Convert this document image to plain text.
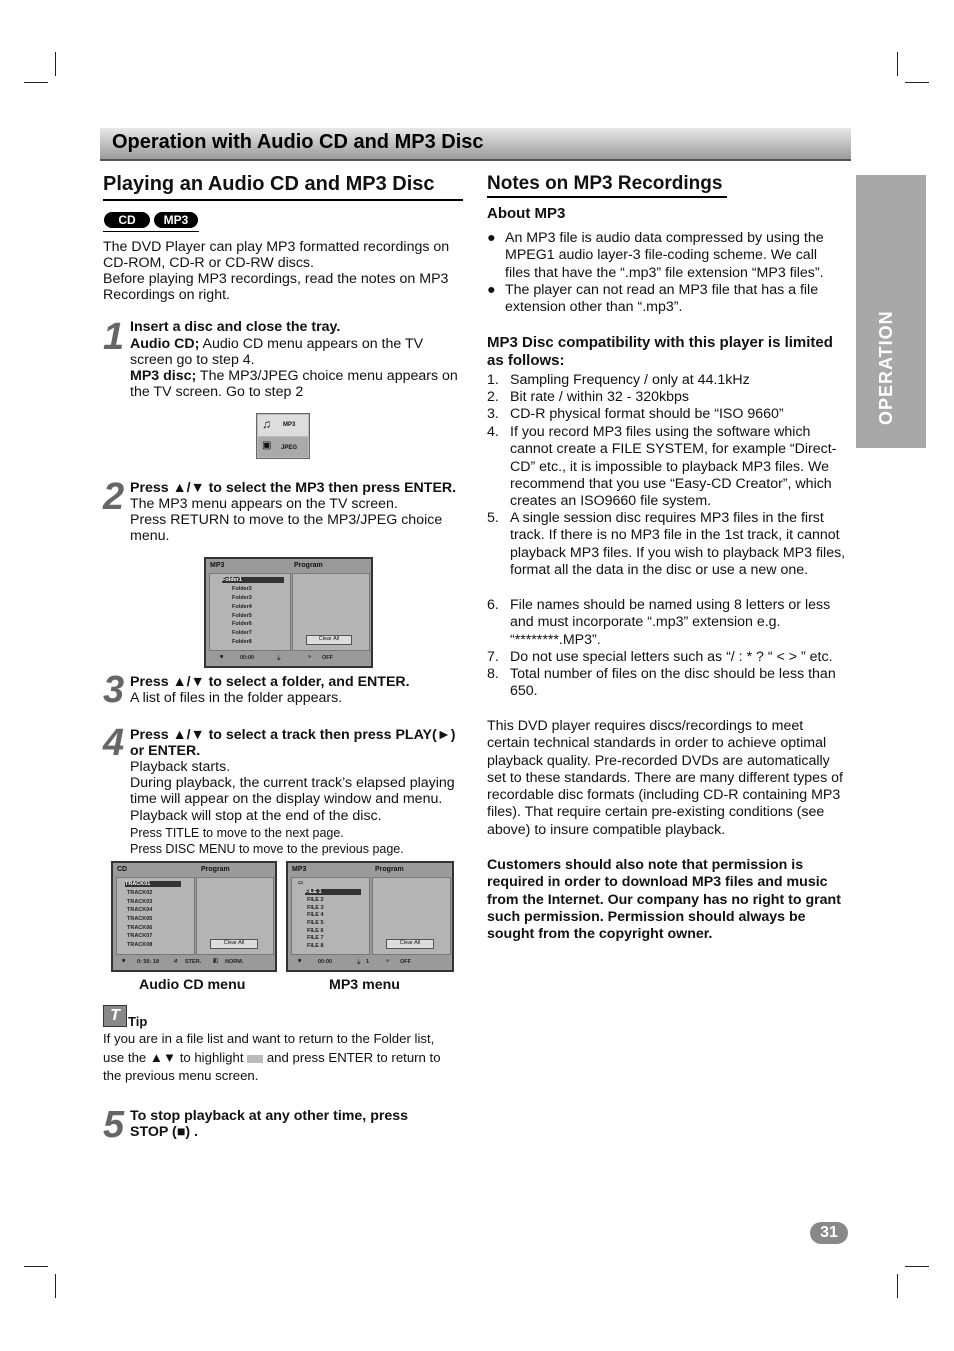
Operation with Audio CD and MP3 Disc
OPERATION
Playing an Audio CD and MP3 Disc
CD	MP3
The DVD Player can play MP3 formatted recordings on CD-ROM, CD-R or CD-RW discs.
Before playing MP3 recordings, read the notes on MP3 Recordings on right.
1 Insert a disc and close the tray.
Audio CD; Audio CD menu appears on the TV screen go to step 4.
MP3 disc; The MP3/JPEG choice menu appears on the TV screen. Go to step 2
♫ MP3
▣ JPEG
2 Press ▲/▼ to select the MP3 then press ENTER.
The MP3 menu appears on the TV screen.
Press RETURN to move to the MP3/JPEG choice menu.
MP3	Program
Folder1
Folder2
Folder3
Folder4
Folder5
Folder6
Folder7
Folder8	Clear All
■	00:00	⏚	» OFF
3 Press ▲/▼ to select a folder, and ENTER.
A list of files in the folder appears.
4 Press ▲/▼ to select a track then press PLAY(►) or ENTER.
Playback starts.
During playback, the current track’s elapsed playing time will appear on the display window and menu. Playback will stop at the end of the disc.
Press TITLE to move to the next page.
Press DISC MENU to move to the previous page.
CD	Program
TRACK01
TRACK02
TRACK03
TRACK04
TRACK05
TRACK06
TRACK07
TRACK08	Clear All
■ 0: 56: 18	⊿ STER. ◧ NORM.
MP3	Program
▭
FILE 1
FILE 2
FILE 3
FILE 4
FILE 5
FILE 6
FILE 7
FILE 8	Clear All
■	00:00	⏚ 1	» OFF
Audio CD menu	MP3 menu
T Tip
If you are in a file list and want to return to the Folder list,
use the ▲▼ to highlight and press ENTER to return to
the previous menu screen.
5 To stop playback at any other time, press
STOP (■) .
Notes on MP3 Recordings
About MP3
● An MP3 file is audio data compressed by using the MPEG1 audio layer-3 file-coding scheme. We call files that have the “.mp3” file extension “MP3 files”.
● The player can not read an MP3 file that has a file extension other than “.mp3”.
MP3 Disc compatibility with this player is limited as follows:
1. Sampling Frequency / only at 44.1kHz
2. Bit rate / within 32 - 320kbps
3. CD-R physical format should be “ISO 9660”
4. If you record MP3 files using the software which cannot create a FILE SYSTEM, for example “Direct-CD” etc., it is impossible to playback MP3 files. We recommend that you use “Easy-CD Creator”, which creates an ISO9660 file system.
5. A single session disc requires MP3 files in the first track. If there is no MP3 file in the 1st track, it cannot playback MP3 files. If you wish to playback MP3 files, format all the data in the disc or use a new one.
6. File names should be named using 8 letters or less and must incorporate “.mp3” extension e.g. “********.MP3”.
7. Do not use special letters such as “/ : * ? “ < > ” etc.
8. Total number of files on the disc should be less than 650.
This DVD player requires discs/recordings to meet certain technical standards in order to achieve optimal playback quality. Pre-recorded DVDs are automatically set to these standards. There are many different types of recordable disc formats (including CD-R containing MP3 files). That require certain pre-existing conditions (see above) to insure compatible playback.
Customers should also note that permission is required in order to download MP3 files and music from the Internet. Our company has no right to grant such permission. Permission should always be sought from the copyright owner.
31
